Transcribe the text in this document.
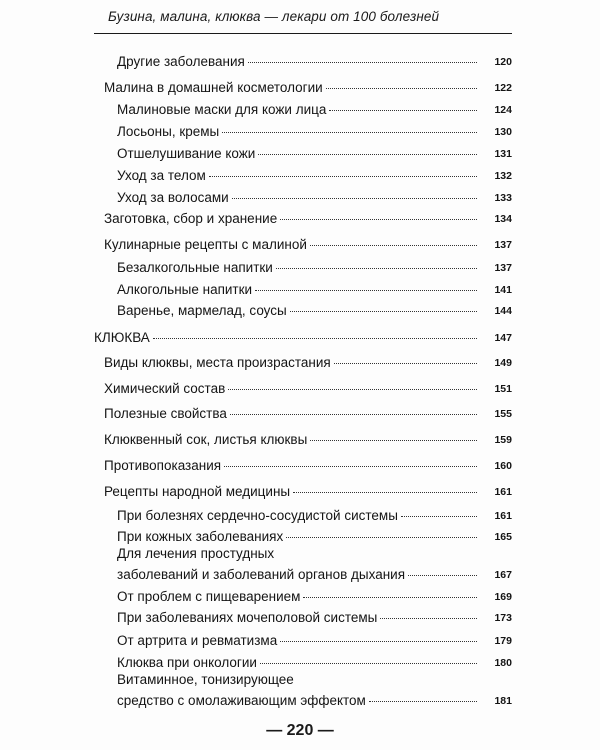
Бузина, малина, клюква — лекари от 100 болезней
Другие заболевания	120
Малина в домашней косметологии	122
Малиновые маски для кожи лица	124
Лосьоны, кремы	130
Отшелушивание кожи	131
Уход за телом	132
Уход за волосами	133
Заготовка, сбор и хранение	134
Кулинарные рецепты с малиной	137
Безалкогольные напитки	137
Алкогольные напитки	141
Варенье, мармелад, соусы	144
КЛЮКВА	147
Виды клюквы, места произрастания	149
Химический состав	151
Полезные свойства	155
Клюквенный сок, листья клюквы	159
Противопоказания	160
Рецепты народной медицины	161
При болезнях сердечно-сосудистой системы	161
При кожных заболеваниях	165
Для лечения простудных
заболеваний и заболеваний органов дыхания	167
От проблем с пищеварением	169
При заболеваниях мочеполовой системы	173
От артрита и ревматизма	179
Клюква при онкологии	180
Витаминное, тонизирующее
средство с омолаживающим эффектом	181
— 220 —
